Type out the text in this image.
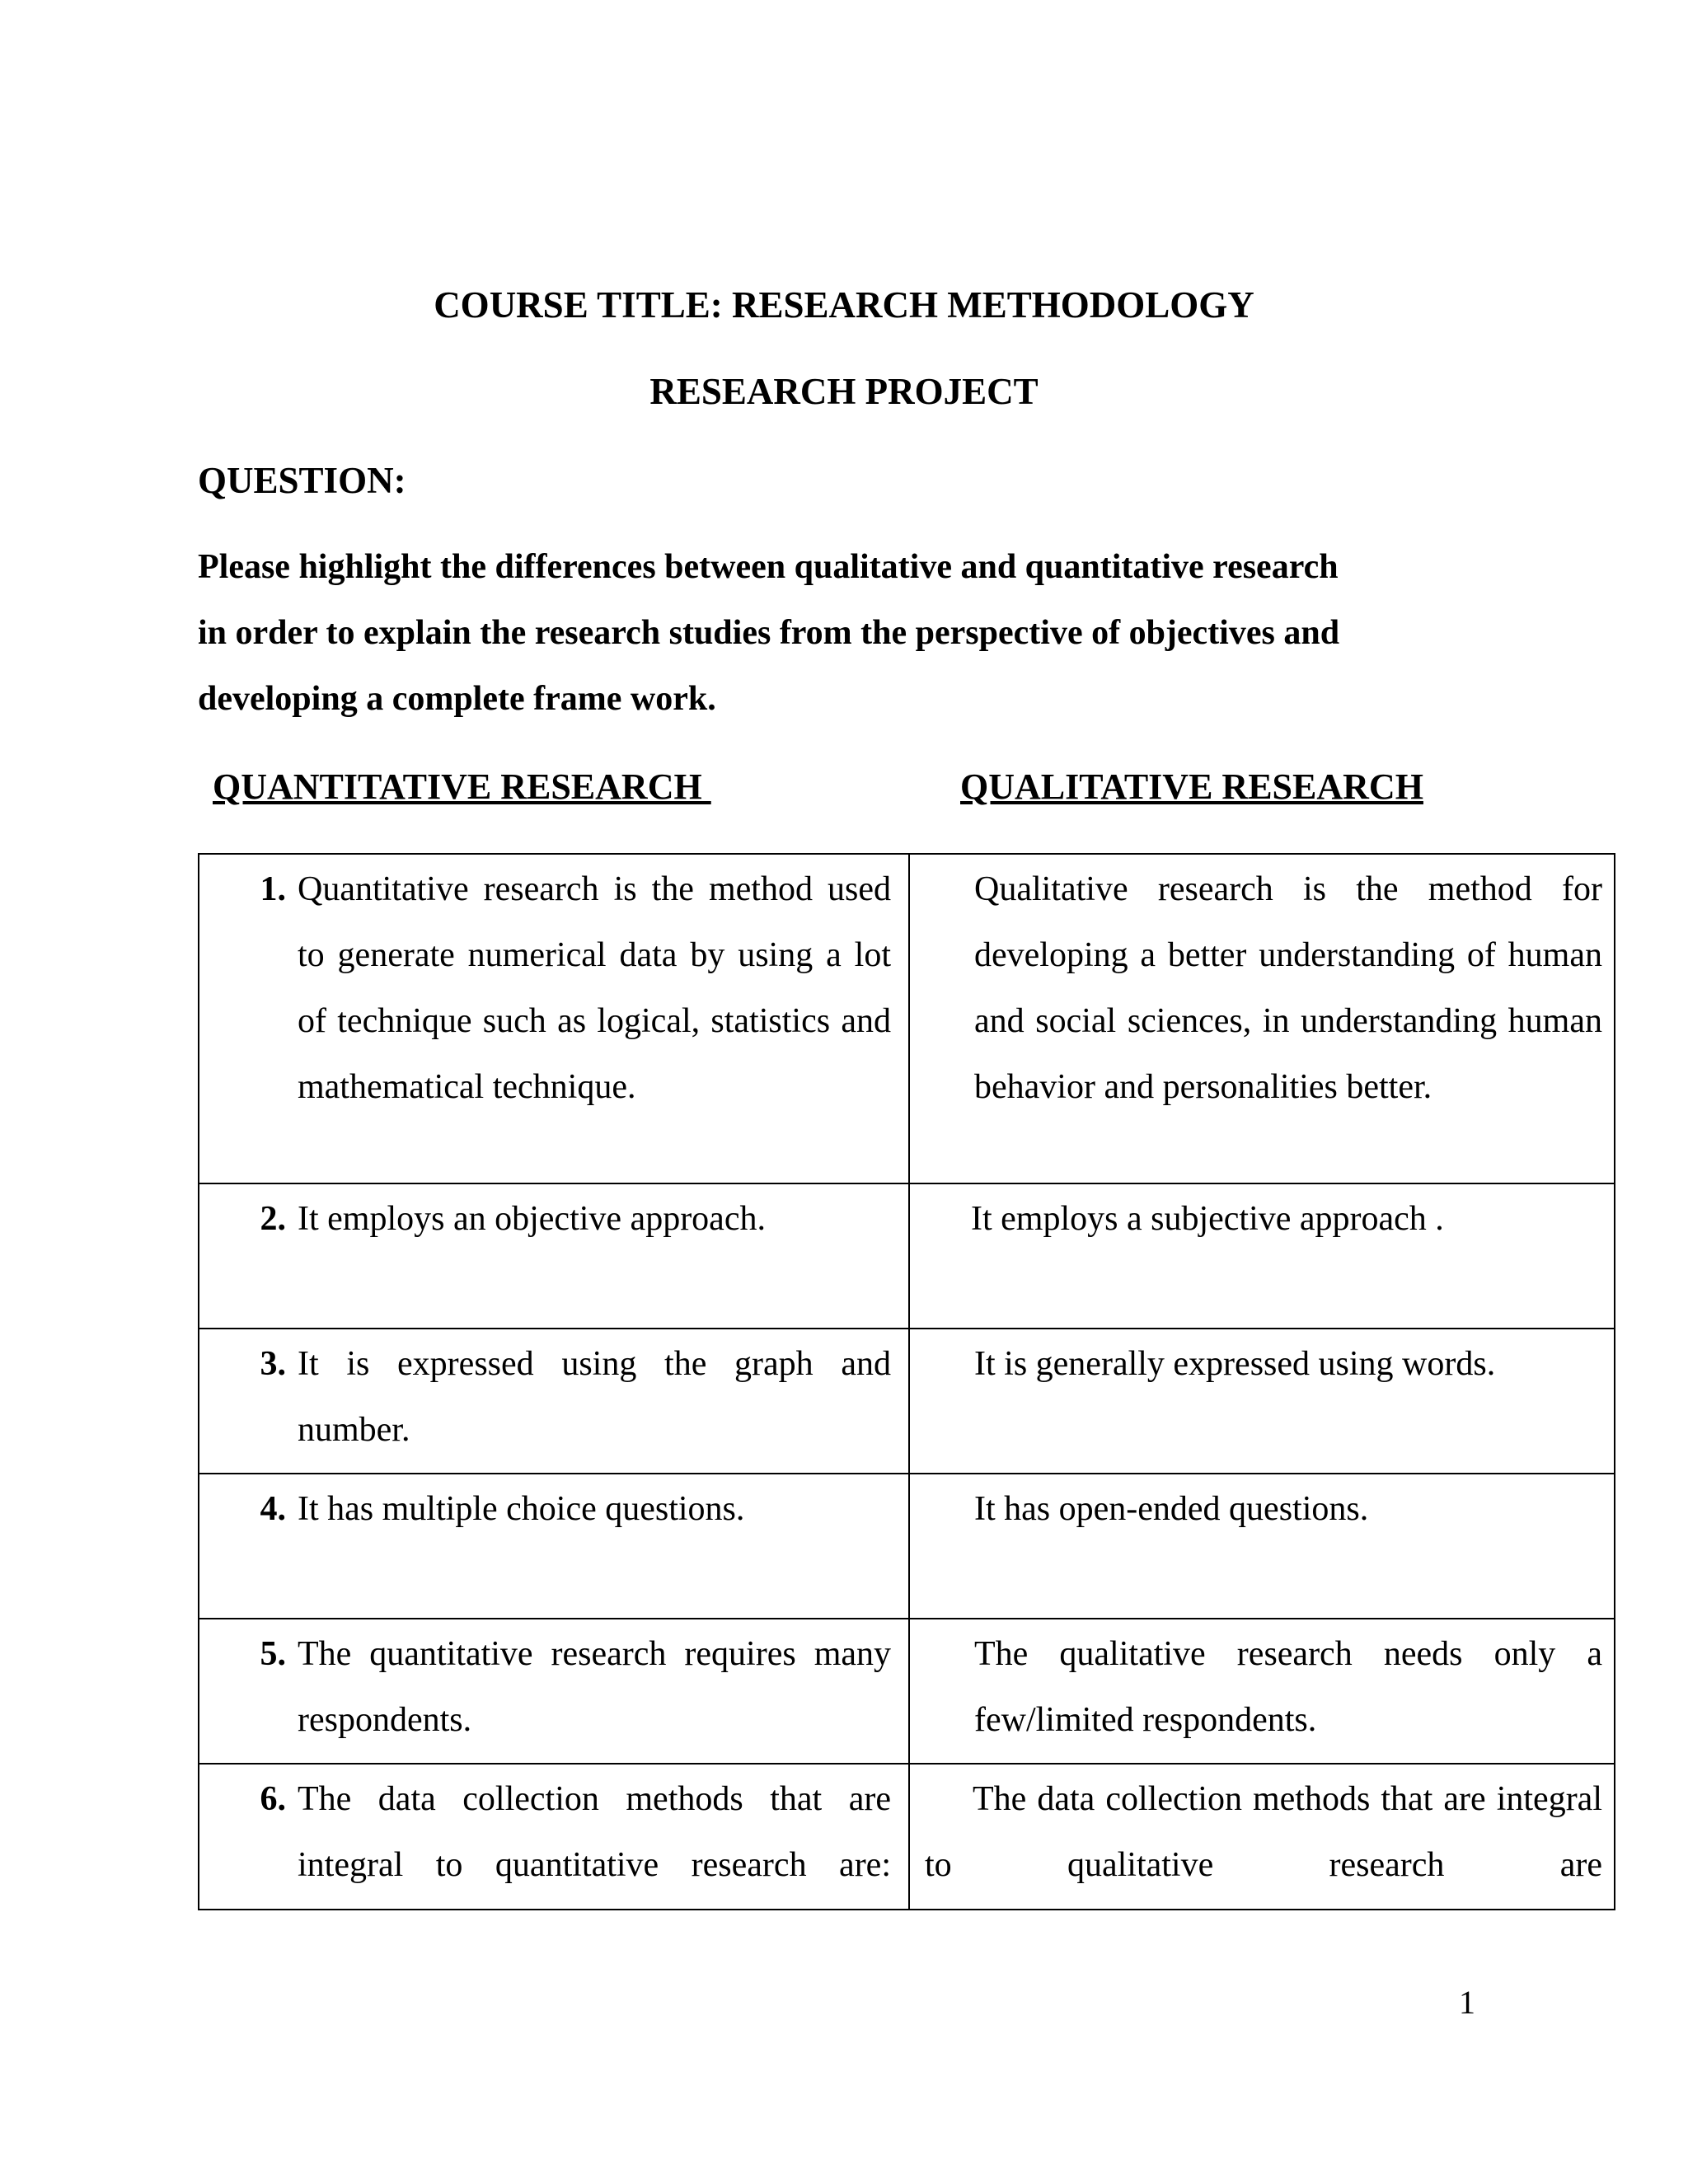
COURSE TITLE: RESEARCH METHODOLOGY
RESEARCH PROJECT
QUESTION:
Please highlight the differences between qualitative and quantitative research
in order to explain the research studies from the perspective of objectives and
developing a complete frame work.
QUANTITATIVE RESEARCH	QUALITATIVE RESEARCH
1. Quantitative research is the method used to generate numerical data by using a lot of technique such as logical, statistics and mathematical technique.	Qualitative research is the method for developing a better understanding of human and social sciences, in understanding human behavior and personalities better.

2. It employs an objective approach.	It employs a subjective approach .

3. It is expressed using the graph and number.	It is generally expressed using words.

4. It has multiple choice questions.	It has open-ended questions.

5. The quantitative research requires many respondents.	The qualitative research needs only a few/limited respondents.

6. The data collection methods that are integral to quantitative research are:	The data collection methods that are integral to qualitative research are
1
